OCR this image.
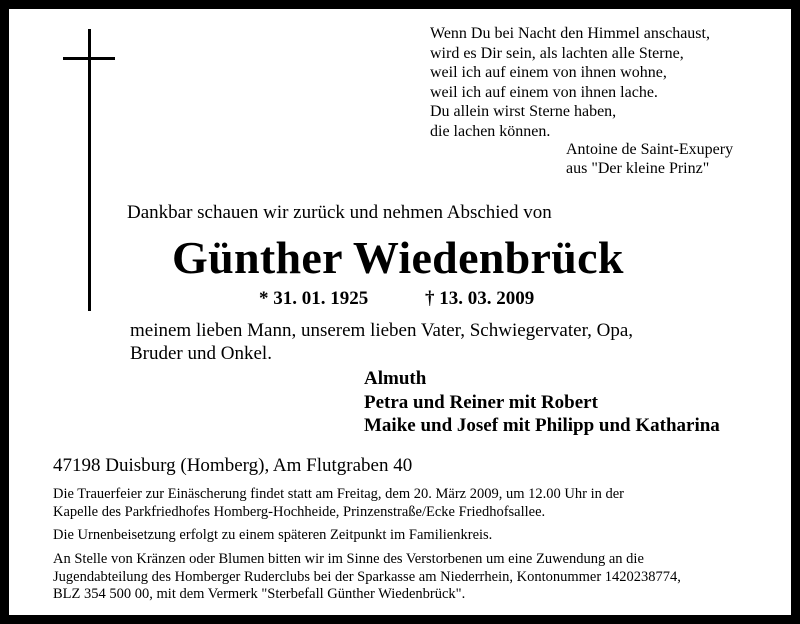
Wenn Du bei Nacht den Himmel anschaust,
wird es Dir sein, als lachten alle Sterne,
weil ich auf einem von ihnen wohne,
weil ich auf einem von ihnen lache.
Du allein wirst Sterne haben,
die lachen können.
Antoine de Saint-Exupery
aus "Der kleine Prinz"
Dankbar schauen wir zurück und nehmen Abschied von
Günther Wiedenbrück
* 31. 01. 1925	† 13. 03. 2009
meinem lieben Mann, unserem lieben Vater, Schwiegervater, Opa,
Bruder und Onkel.
Almuth
Petra und Reiner mit Robert
Maike und Josef mit Philipp und Katharina
47198 Duisburg (Homberg), Am Flutgraben 40
Die Trauerfeier zur Einäscherung findet statt am Freitag, dem 20. März 2009, um 12.00 Uhr in der
Kapelle des Parkfriedhofes Homberg-Hochheide, Prinzenstraße/Ecke Friedhofsallee.
Die Urnenbeisetzung erfolgt zu einem späteren Zeitpunkt im Familienkreis.
An Stelle von Kränzen oder Blumen bitten wir im Sinne des Verstorbenen um eine Zuwendung an die
Jugendabteilung des Homberger Ruderclubs bei der Sparkasse am Niederrhein, Kontonummer 1420238774,
BLZ 354 500 00, mit dem Vermerk "Sterbefall Günther Wiedenbrück".
